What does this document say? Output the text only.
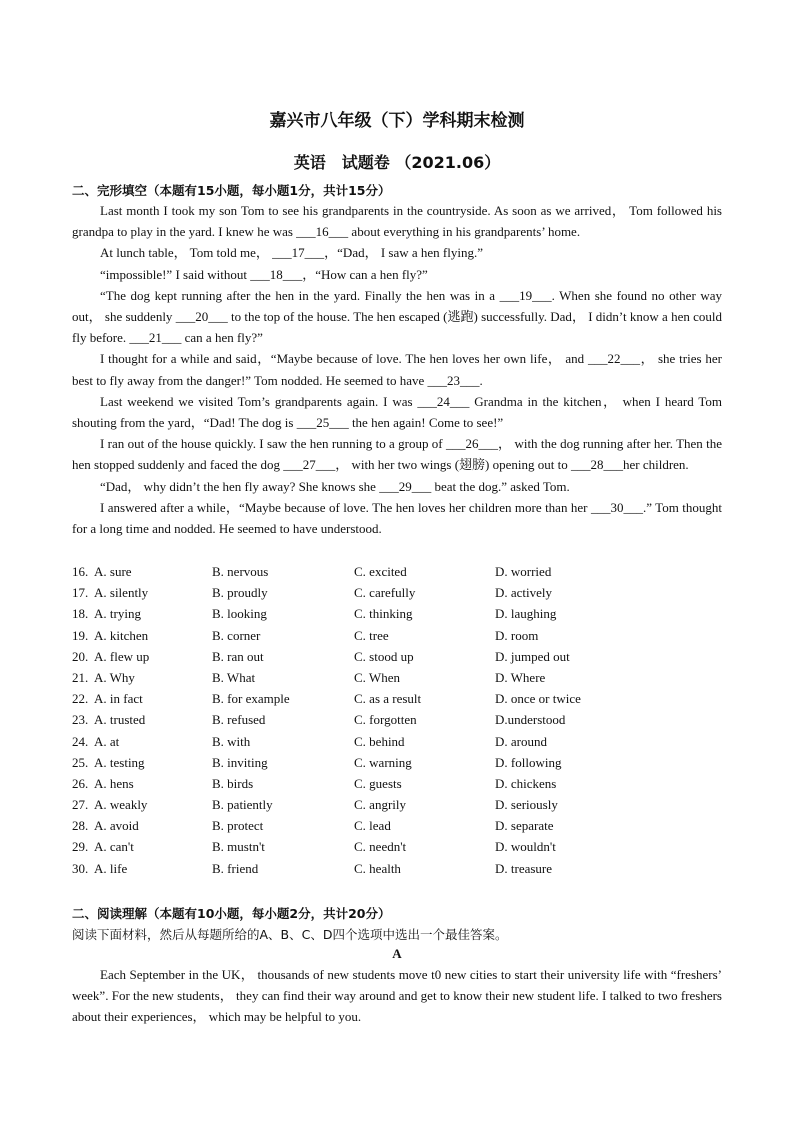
嘉兴市八年级（下）学科期末检测
英语　试题卷 （2021.06）
二、完形填空（本题有15小题，每小题1分，共计15分）

Last month I took my son Tom to see his grandparents in the countryside. As soon as we arrived， Tom followed his grandpa to play in the yard. I knew he was ___16___ about everything in his grandparents’ home.

At lunch table， Tom told me， ___17___，“Dad， I saw a hen flying.”

“impossible!” I said without ___18___，“How can a hen fly?”

“The dog kept running after the hen in the yard. Finally the hen was in a ___19___. When she found no other way out， she suddenly ___20___ to the top of the house. The hen escaped (逃跑) successfully. Dad， I didn’t know a hen could fly before. ___21___ can a hen fly?”

I thought for a while and said，“Maybe because of love. The hen loves her own life， and ___22___， she tries her best to fly away from the danger!” Tom nodded. He seemed to have ___23___.

Last weekend we visited Tom’s grandparents again. I was ___24___ Grandma in the kitchen， when I heard Tom shouting from the yard，“Dad! The dog is ___25___ the hen again! Come to see!”

I ran out of the house quickly. I saw the hen running to a group of ___26___， with the dog running after her. Then the hen stopped suddenly and faced the dog ___27___， with her two wings (翅膀) opening out to ___28___her children.

“Dad， why didn’t the hen fly away? She knows she ___29___ beat the dog.” asked Tom.

I answered after a while，“Maybe because of love. The hen loves her children more than her ___30___.” Tom thought for a long time and nodded. He seemed to have understood.

16. A. sure	B. nervous	C. excited	D. worried
17. A. silently	B. proudly	C. carefully	D. actively
18. A. trying	B. looking	C. thinking	D. laughing
19. A. kitchen	B. corner	C. tree	D. room
20. A. flew up	B. ran out	C. stood up	D. jumped out
21. A. Why	B. What	C. When	D. Where
22. A. in fact	B. for example	C. as a result	D. once or twice
23. A. trusted	B. refused	C. forgotten	D.understood
24. A. at	B. with	C. behind	D. around
25. A. testing	B. inviting	C. warning	D. following
26. A. hens	B. birds	C. guests	D. chickens
27. A. weakly	B. patiently	C. angrily	D. seriously
28. A. avoid	B. protect	C. lead	D. separate
29. A. can't	B. mustn't	C. needn't	D. wouldn't
30. A. life	B. friend	C. health	D. treasure
二、阅读理解（本题有10小题，每小题2分，共计20分）
阅读下面材料，然后从每题所给的A、B、C、D四个选项中选出一个最佳答案。
A

Each September in the UK， thousands of new students move t0 new cities to start their university life with “freshers’ week”. For the new students， they can find their way around and get to know their new student life. I talked to two freshers about their experiences， which may be helpful to you.
